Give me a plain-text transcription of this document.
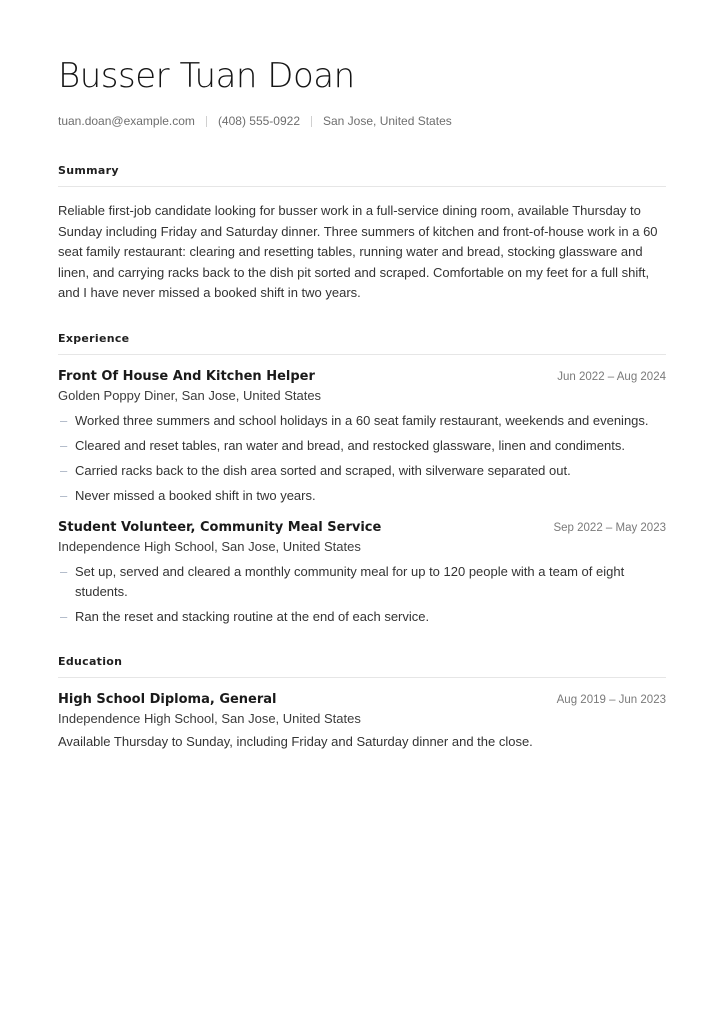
Busser Tuan Doan
tuan.doan@example.com (408) 555-0922 San Jose, United States
Summary

Reliable first-job candidate looking for busser work in a full-service dining room, available Thursday to Sunday including Friday and Saturday dinner. Three summers of kitchen and front-of-house work in a 60 seat family restaurant: clearing and resetting tables, running water and bread, stocking glassware and linen, and carrying racks back to the dish pit sorted and scraped. Comfortable on my feet for a full shift, and I have never missed a booked shift in two years.

Experience
Front Of House And Kitchen Helper	Jun 2022 – Aug 2024
Golden Poppy Diner, San Jose, United States
– Worked three summers and school holidays in a 60 seat family restaurant, weekends and evenings.
– Cleared and reset tables, ran water and bread, and restocked glassware, linen and condiments.
– Carried racks back to the dish area sorted and scraped, with silverware separated out.
– Never missed a booked shift in two years.
Student Volunteer, Community Meal Service	Sep 2022 – May 2023
Independence High School, San Jose, United States
– Set up, served and cleared a monthly community meal for up to 120 people with a team of eight students.
– Ran the reset and stacking routine at the end of each service.
Education
High School Diploma, General	Aug 2019 – Jun 2023
Independence High School, San Jose, United States
Available Thursday to Sunday, including Friday and Saturday dinner and the close.
